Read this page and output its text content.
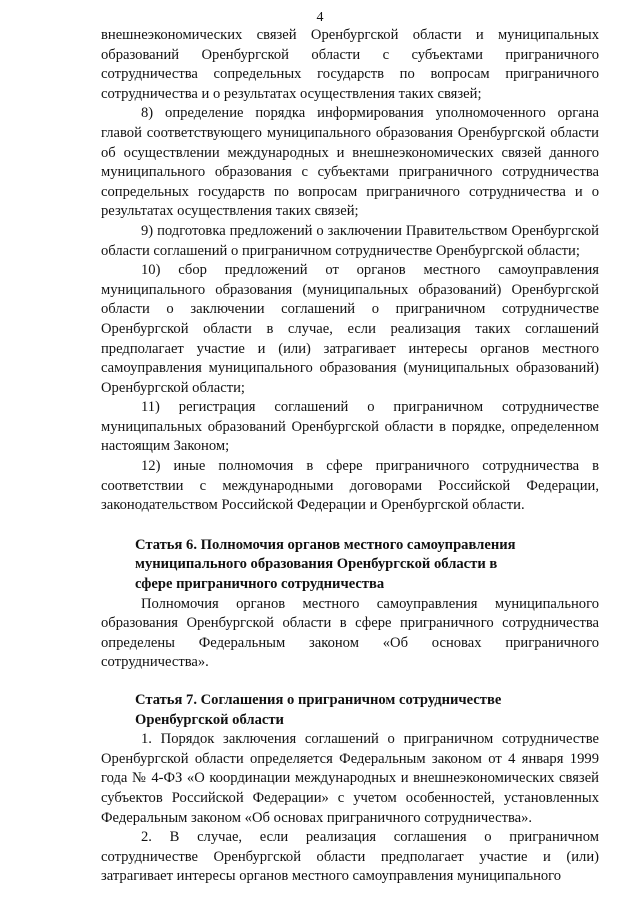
4

внешнеэкономических связей Оренбургской области и муниципальных образований Оренбургской области с субъектами приграничного сотрудничества сопредельных государств по вопросам приграничного сотрудничества и о результатах осуществления таких связей;

8) определение порядка информирования уполномоченного органа главой соответствующего муниципального образования Оренбургской области об осуществлении международных и внешнеэкономических связей данного муниципального образования с субъектами приграничного сотрудничества сопредельных государств по вопросам приграничного сотрудничества и о результатах осуществления таких связей;

9) подготовка предложений о заключении Правительством Оренбургской области соглашений о приграничном сотрудничестве Оренбургской области;

10) сбор предложений от органов местного самоуправления муниципального образования (муниципальных образований) Оренбургской области о заключении соглашений о приграничном сотрудничестве Оренбургской области в случае, если реализация таких соглашений предполагает участие и (или) затрагивает интересы органов местного самоуправления муниципального образования (муниципальных образований) Оренбургской области;

11) регистрация соглашений о приграничном сотрудничестве муниципальных образований Оренбургской области в порядке, определенном настоящим Законом;

12) иные полномочия в сфере приграничного сотрудничества в соответствии с международными договорами Российской Федерации, законодательством Российской Федерации и Оренбургской области.

Статья 6. Полномочия органов местного самоуправления
муниципального образования Оренбургской области в
сфере приграничного сотрудничества

Полномочия органов местного самоуправления муниципального образования Оренбургской области в сфере приграничного сотрудничества определены Федеральным законом «Об основах приграничного сотрудничества».

Статья 7. Соглашения о приграничном сотрудничестве
Оренбургской области

1. Порядок заключения соглашений о приграничном сотрудничестве Оренбургской области определяется Федеральным законом от 4 января 1999 года № 4-ФЗ «О координации международных и внешнеэкономических связей субъектов Российской Федерации» с учетом особенностей, установленных Федеральным законом «Об основах приграничного сотрудничества».

2. В случае, если реализация соглашения о приграничном сотрудничестве Оренбургской области предполагает участие и (или) затрагивает интересы органов местного самоуправления муниципального
